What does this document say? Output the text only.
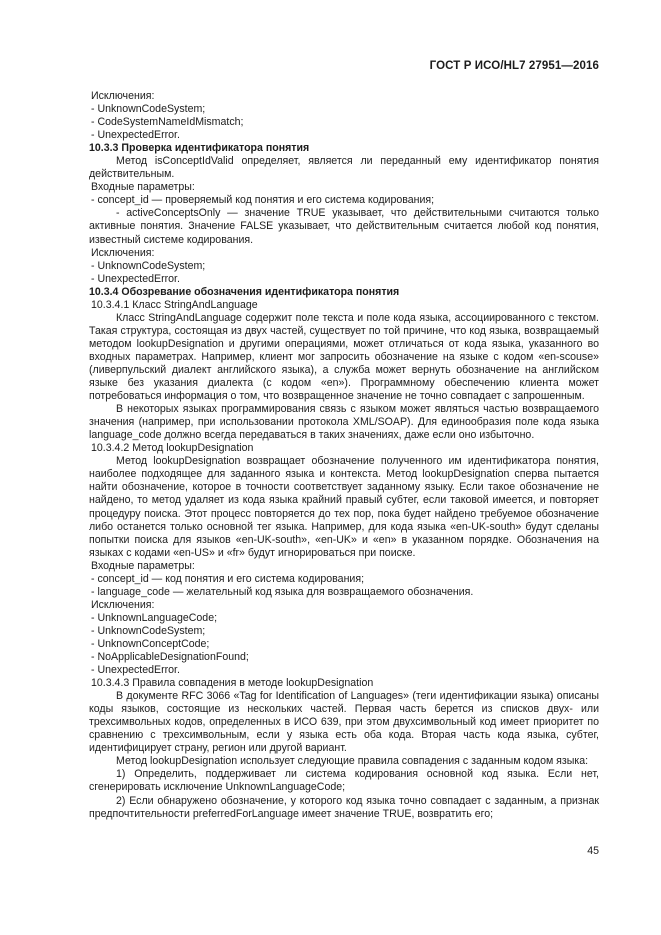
ГОСТ Р ИСО/HL7 27951—2016

Исключения:

- UnknownCodeSystem;

- CodeSystemNameIdMismatch;

- UnexpectedError.

10.3.3 Проверка идентификатора понятия

Метод isConceptIdValid определяет, является ли переданный ему идентификатор понятия действительным.

Входные параметры:

- concept_id — проверяемый код понятия и его система кодирования;

- activeConceptsOnly — значение TRUE указывает, что действительными считаются только активные понятия. Значение FALSE указывает, что действительным считается любой код понятия, известный системе кодирования.

Исключения:

- UnknownCodeSystem;

- UnexpectedError.

10.3.4 Обозревание обозначения идентификатора понятия

10.3.4.1 Класс StringAndLanguage

Класс StringAndLanguage содержит поле текста и поле кода языка, ассоциированного с текстом. Такая структура, состоящая из двух частей, существует по той причине, что код языка, возвращаемый методом lookupDesignation и другими операциями, может отличаться от кода языка, указанного во входных параметрах. Например, клиент мог запросить обозначение на языке с кодом «en-scouse» (ливерпульский диалект английского языка), а служба может вернуть обозначение на английском языке без указания диалекта (с кодом «en»). Программному обеспечению клиента может потребоваться информация о том, что возвращенное значение не точно совпадает с запрошенным.

В некоторых языках программирования связь с языком может являться частью возвращаемого значения (например, при использовании протокола XML/SOAP). Для единообразия поле кода языка language_code должно всегда передаваться в таких значениях, даже если оно избыточно.

10.3.4.2 Метод lookupDesignation

Метод lookupDesignation возвращает обозначение полученного им идентификатора понятия, наиболее подходящее для заданного языка и контекста. Метод lookupDesignation сперва пытается найти обозначение, которое в точности соответствует заданному языку. Если такое обозначение не найдено, то метод удаляет из кода языка крайний правый субтег, если таковой имеется, и повторяет процедуру поиска. Этот процесс повторяется до тех пор, пока будет найдено требуемое обозначение либо останется только основной тег языка. Например, для кода языка «en-UK-south» будут сделаны попытки поиска для языков «en-UK-south», «en-UK» и «en» в указанном порядке. Обозначения на языках с кодами «en-US» и «fr» будут игнорироваться при поиске.

Входные параметры:

- concept_id — код понятия и его система кодирования;

- language_code — желательный код языка для возвращаемого обозначения.

Исключения:

- UnknownLanguageCode;

- UnknownCodeSystem;

- UnknownConceptCode;

- NoApplicableDesignationFound;

- UnexpectedError.

10.3.4.3 Правила совпадения в методе lookupDesignation

В документе RFC 3066 «Tag for Identification of Languages» (теги идентификации языка) описаны коды языков, состоящие из нескольких частей. Первая часть берется из списков двух- или трехсимвольных кодов, определенных в ИСО 639, при этом двухсимвольный код имеет приоритет по сравнению с трехсимвольным, если у языка есть оба кода. Вторая часть кода языка, субтег, идентифицирует страну, регион или другой вариант.

Метод lookupDesignation использует следующие правила совпадения с заданным кодом языка:

1) Определить, поддерживает ли система кодирования основной код языка. Если нет, сгенерировать исключение UnknownLanguageCode;

2) Если обнаружено обозначение, у которого код языка точно совпадает с заданным, а признак предпочтительности preferredForLanguage имеет значение TRUE, возвратить его;

45
